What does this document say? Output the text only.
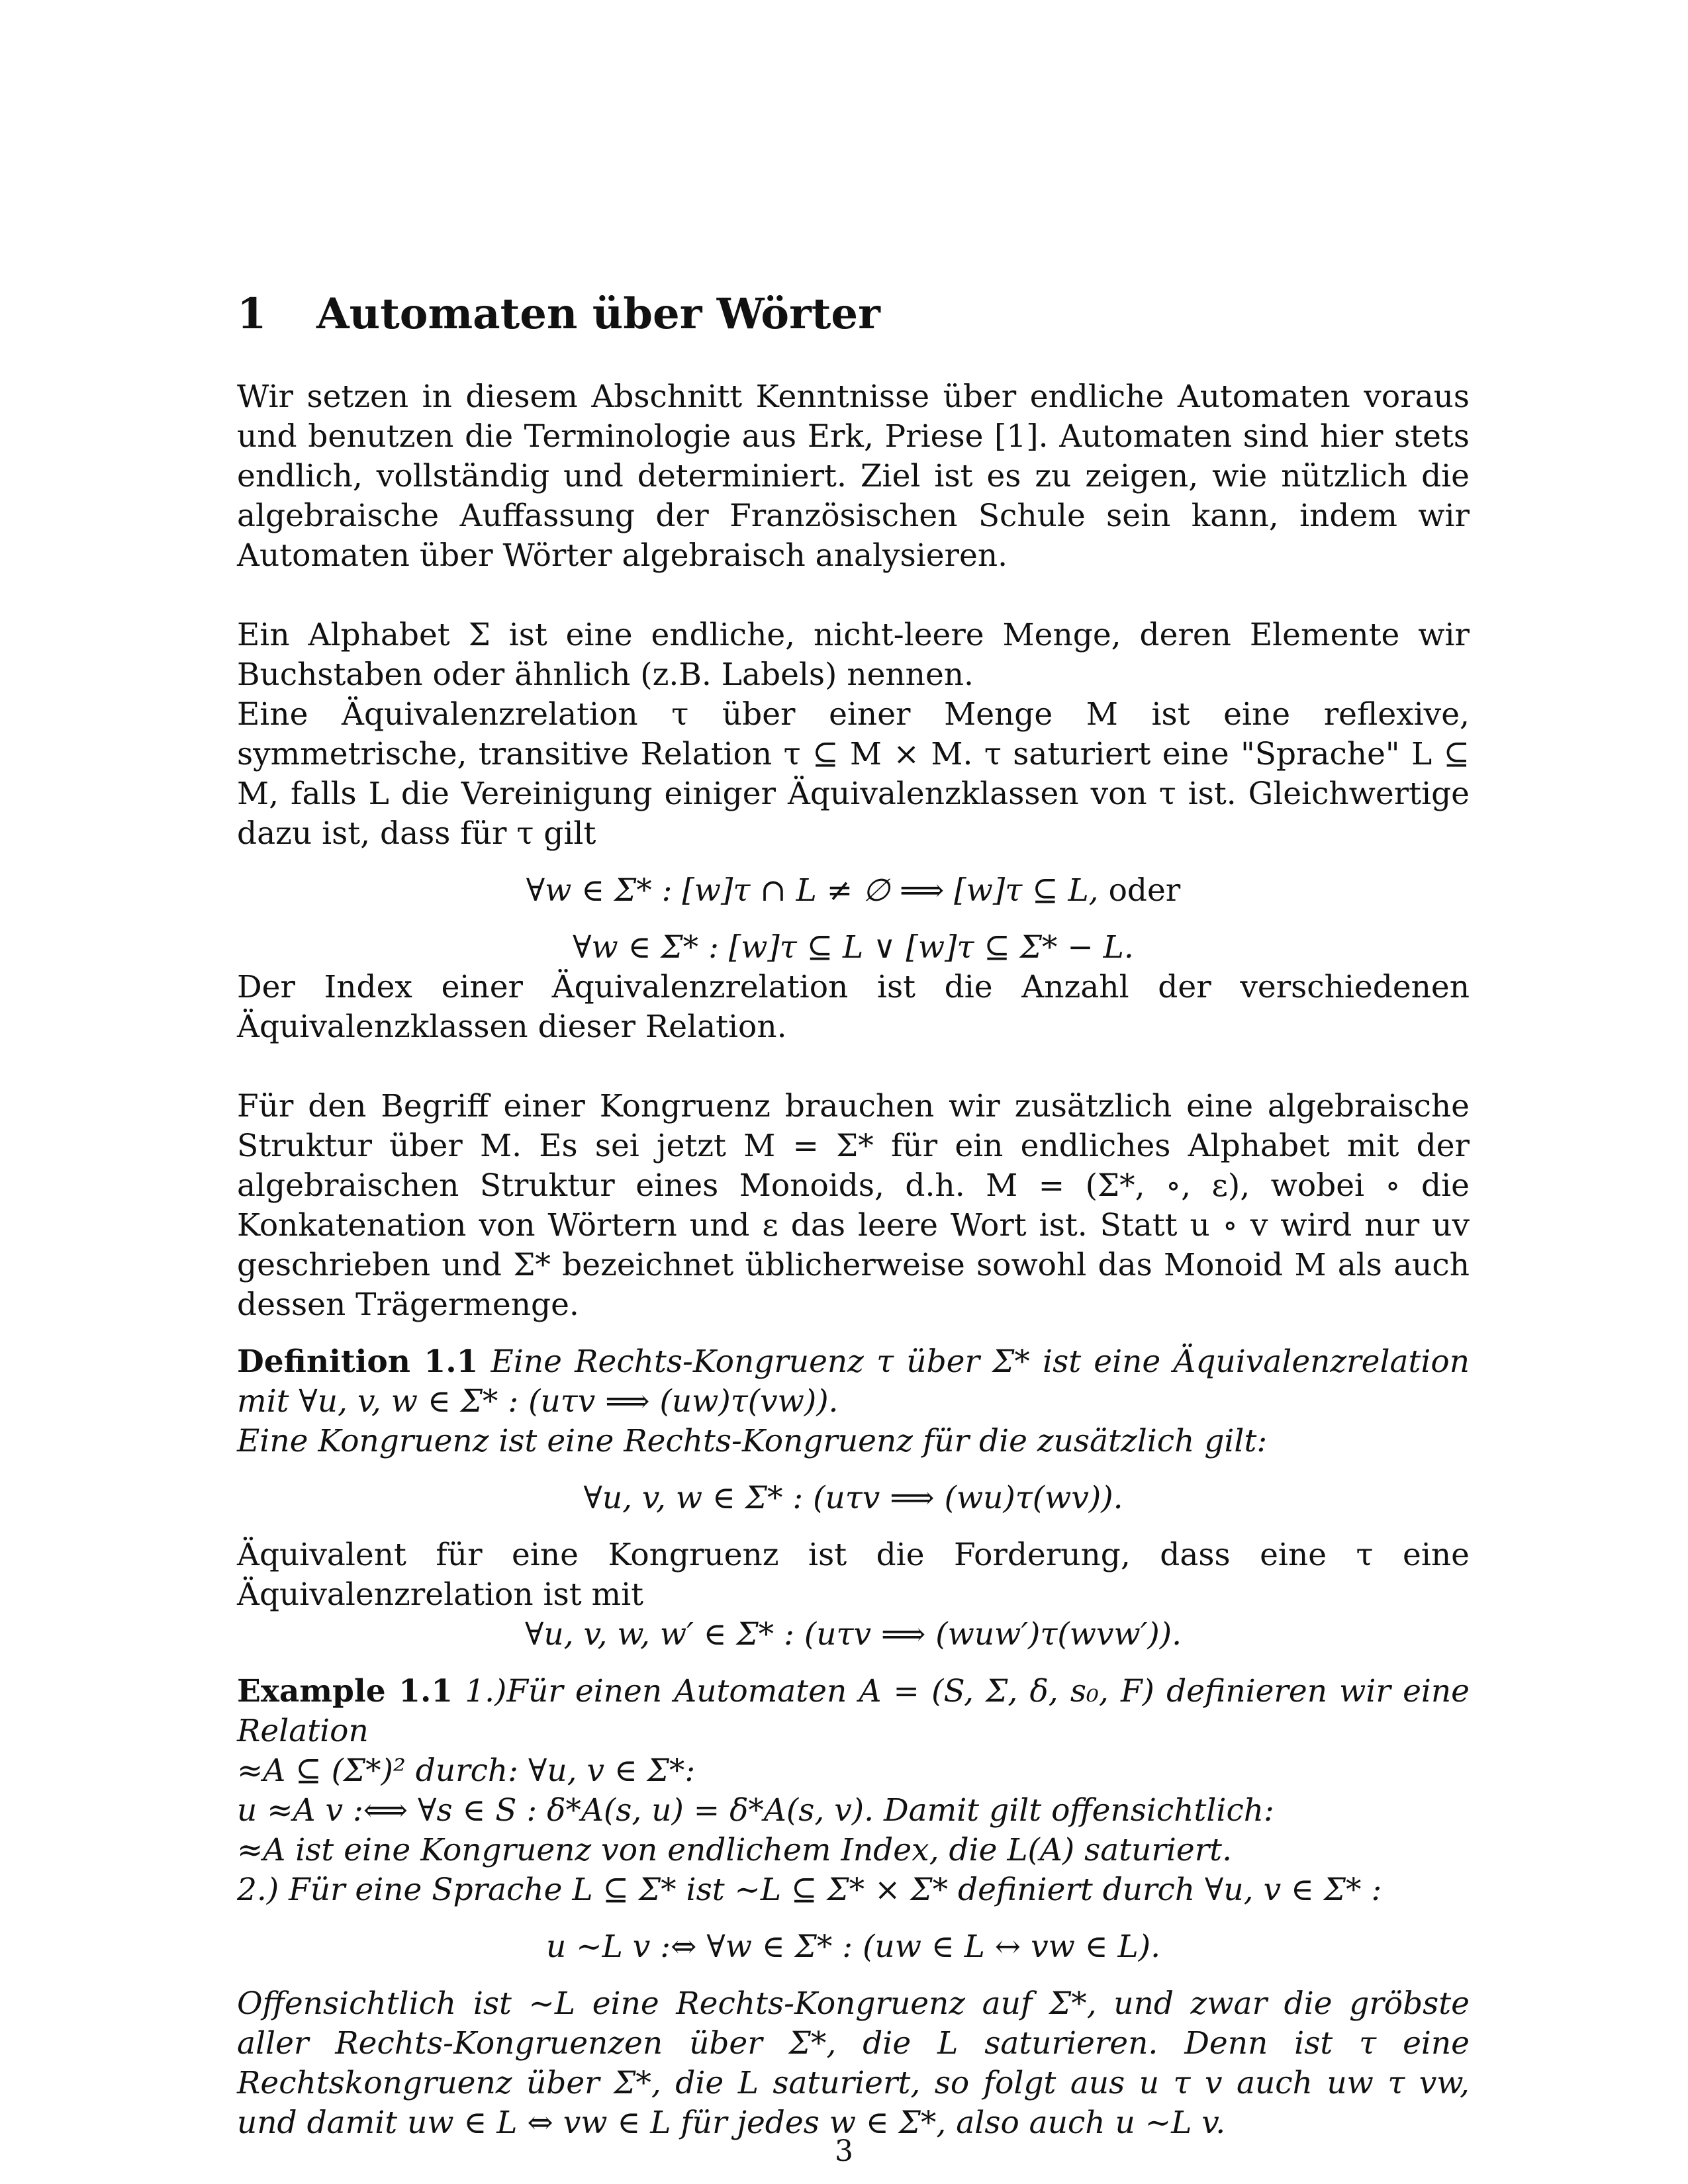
1 Automaten über Wörter

Wir setzen in diesem Abschnitt Kenntnisse über endliche Automaten voraus und benutzen die Terminologie aus Erk, Priese [1]. Automaten sind hier stets endlich, vollständig und determiniert. Ziel ist es zu zeigen, wie nützlich die algebraische Auffassung der Französischen Schule sein kann, indem wir Automaten über Wörter algebraisch analysieren.

Ein Alphabet Σ ist eine endliche, nicht-leere Menge, deren Elemente wir Buchstaben oder ähnlich (z.B. Labels) nennen.

Eine Äquivalenzrelation τ über einer Menge M ist eine reflexive, symmetrische, transitive Relation τ ⊆ M × M. τ saturiert eine "Sprache" L ⊆ M, falls L die Vereinigung einiger Äquivalenzklassen von τ ist. Gleichwertige dazu ist, dass für τ gilt

∀w ∈ Σ* : [w]τ ∩ L ≠ ∅ ⟹ [w]τ ⊆ L, oder

∀w ∈ Σ* : [w]τ ⊆ L ∨ [w]τ ⊆ Σ* − L.

Der Index einer Äquivalenzrelation ist die Anzahl der verschiedenen Äquivalenzklassen dieser Relation.

Für den Begriff einer Kongruenz brauchen wir zusätzlich eine algebraische Struktur über M. Es sei jetzt M = Σ* für ein endliches Alphabet mit der algebraischen Struktur eines Monoids, d.h. M = (Σ*, ∘, ε), wobei ∘ die Konkatenation von Wörtern und ε das leere Wort ist. Statt u ∘ v wird nur uv geschrieben und Σ* bezeichnet üblicherweise sowohl das Monoid M als auch dessen Trägermenge.

Definition 1.1 Eine Rechts-Kongruenz τ über Σ* ist eine Äquivalenzrelation mit ∀u, v, w ∈ Σ* : (uτv ⟹ (uw)τ(vw)).

Eine Kongruenz ist eine Rechts-Kongruenz für die zusätzlich gilt:

∀u, v, w ∈ Σ* : (uτv ⟹ (wu)τ(wv)).

Äquivalent für eine Kongruenz ist die Forderung, dass eine τ eine Äquivalenzrelation ist mit

∀u, v, w, w′ ∈ Σ* : (uτv ⟹ (wuw′)τ(wvw′)).

Example 1.1 1.)Für einen Automaten A = (S, Σ, δ, s₀, F) definieren wir eine Relation

≈A ⊆ (Σ*)² durch: ∀u, v ∈ Σ*:

u ≈A v :⟺ ∀s ∈ S : δ*A(s, u) = δ*A(s, v). Damit gilt offensichtlich:

≈A ist eine Kongruenz von endlichem Index, die L(A) saturiert.

2.) Für eine Sprache L ⊆ Σ* ist ∼L ⊆ Σ* × Σ* definiert durch ∀u, v ∈ Σ* :

u ∼L v :⇔ ∀w ∈ Σ* : (uw ∈ L ↔ vw ∈ L).

Offensichtlich ist ∼L eine Rechts-Kongruenz auf Σ*, und zwar die gröbste aller Rechts-Kongruenzen über Σ*, die L saturieren. Denn ist τ eine Rechtskongruenz über Σ*, die L saturiert, so folgt aus u τ v auch uw τ vw, und damit uw ∈ L ⇔ vw ∈ L für jedes w ∈ Σ*, also auch u ∼L v.

3
